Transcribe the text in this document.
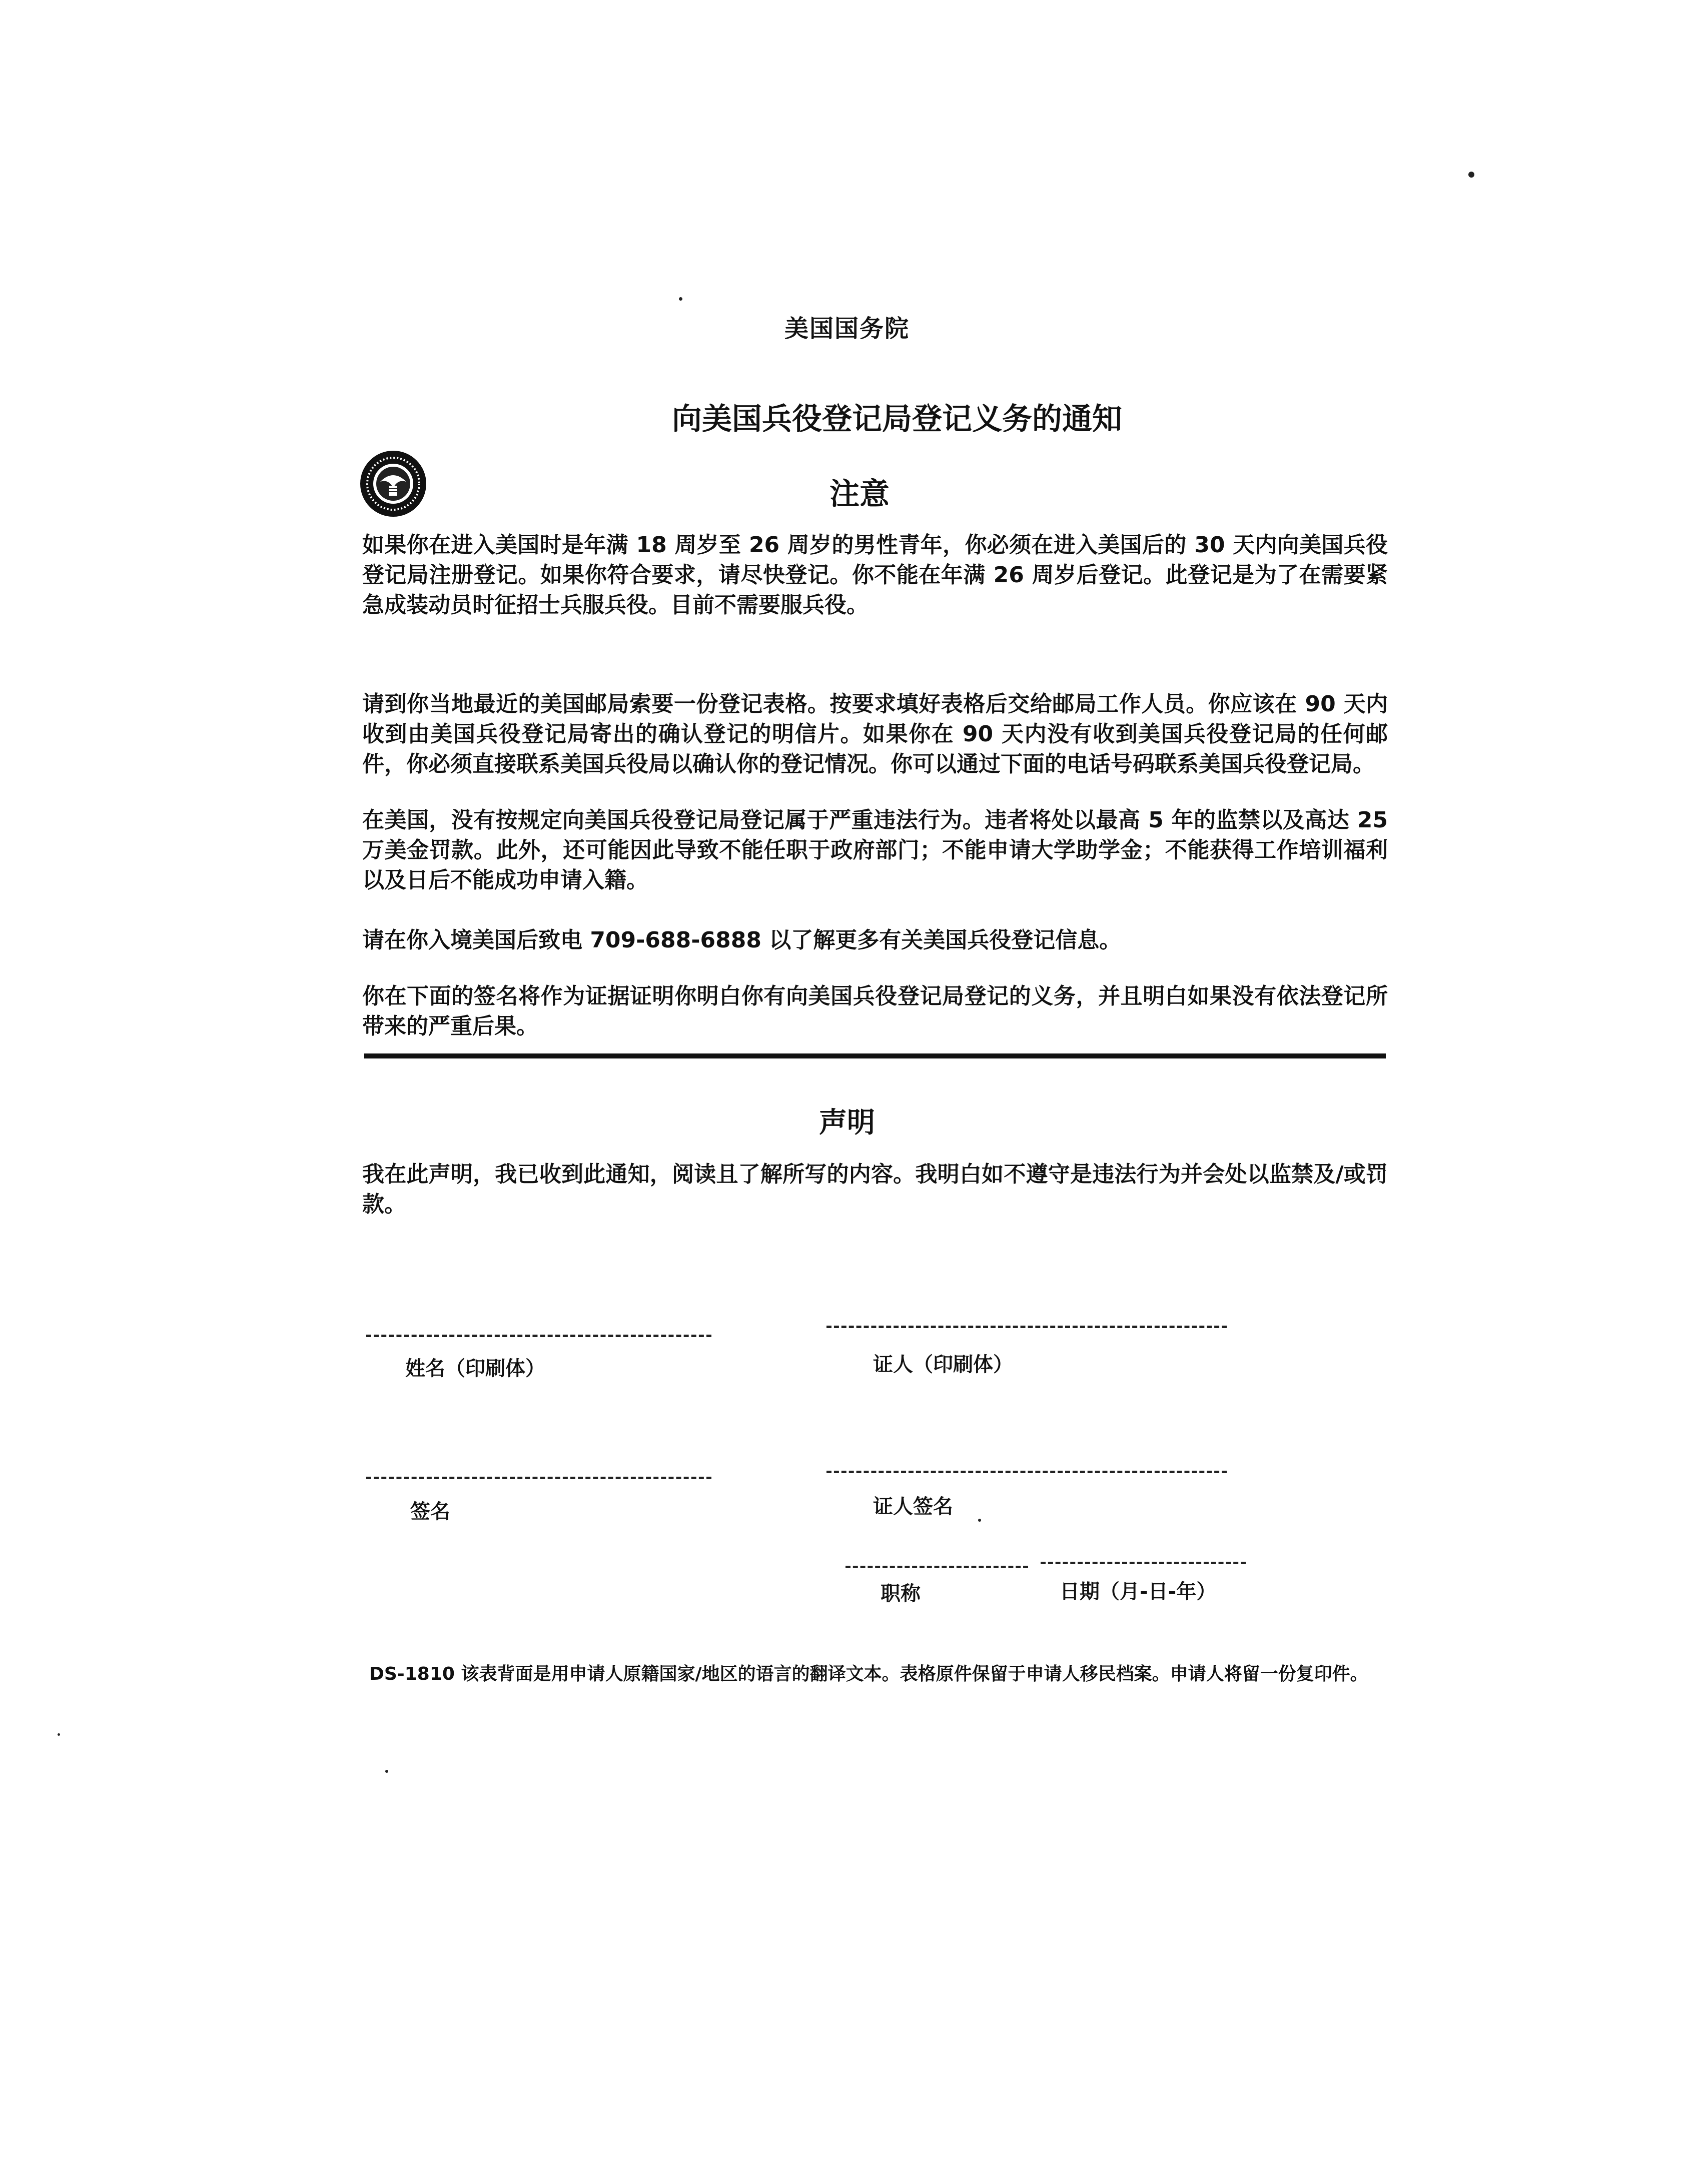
美国国务院
向美国兵役登记局登记义务的通知
注意
如果你在进入美国时是年满 18 周岁至 26 周岁的男性青年，你必须在进入美国后的 30 天内向美国兵役登记局注册登记。如果你符合要求，请尽快登记。你不能在年满 26 周岁后登记。此登记是为了在需要紧急成装动员时征招士兵服兵役。目前不需要服兵役。
请到你当地最近的美国邮局索要一份登记表格。按要求填好表格后交给邮局工作人员。你应该在 90 天内收到由美国兵役登记局寄出的确认登记的明信片。如果你在 90 天内没有收到美国兵役登记局的任何邮件，你必须直接联系美国兵役局以确认你的登记情况。你可以通过下面的电话号码联系美国兵役登记局。
在美国，没有按规定向美国兵役登记局登记属于严重违法行为。违者将处以最高 5 年的监禁以及高达 25 万美金罚款。此外，还可能因此导致不能任职于政府部门；不能申请大学助学金；不能获得工作培训福利以及日后不能成功申请入籍。
请在你入境美国后致电 709-688-6888 以了解更多有关美国兵役登记信息。
你在下面的签名将作为证据证明你明白你有向美国兵役登记局登记的义务，并且明白如果没有依法登记所带来的严重后果。
声明
我在此声明，我已收到此通知，阅读且了解所写的内容。我明白如不遵守是违法行为并会处以监禁及/或罚款。
姓名（印刷体）	证人（印刷体）
签名	证人签名
职称	日期（月-日-年）
DS-1810 该表背面是用申请人原籍国家/地区的语言的翻译文本。表格原件保留于申请人移民档案。申请人将留一份复印件。
